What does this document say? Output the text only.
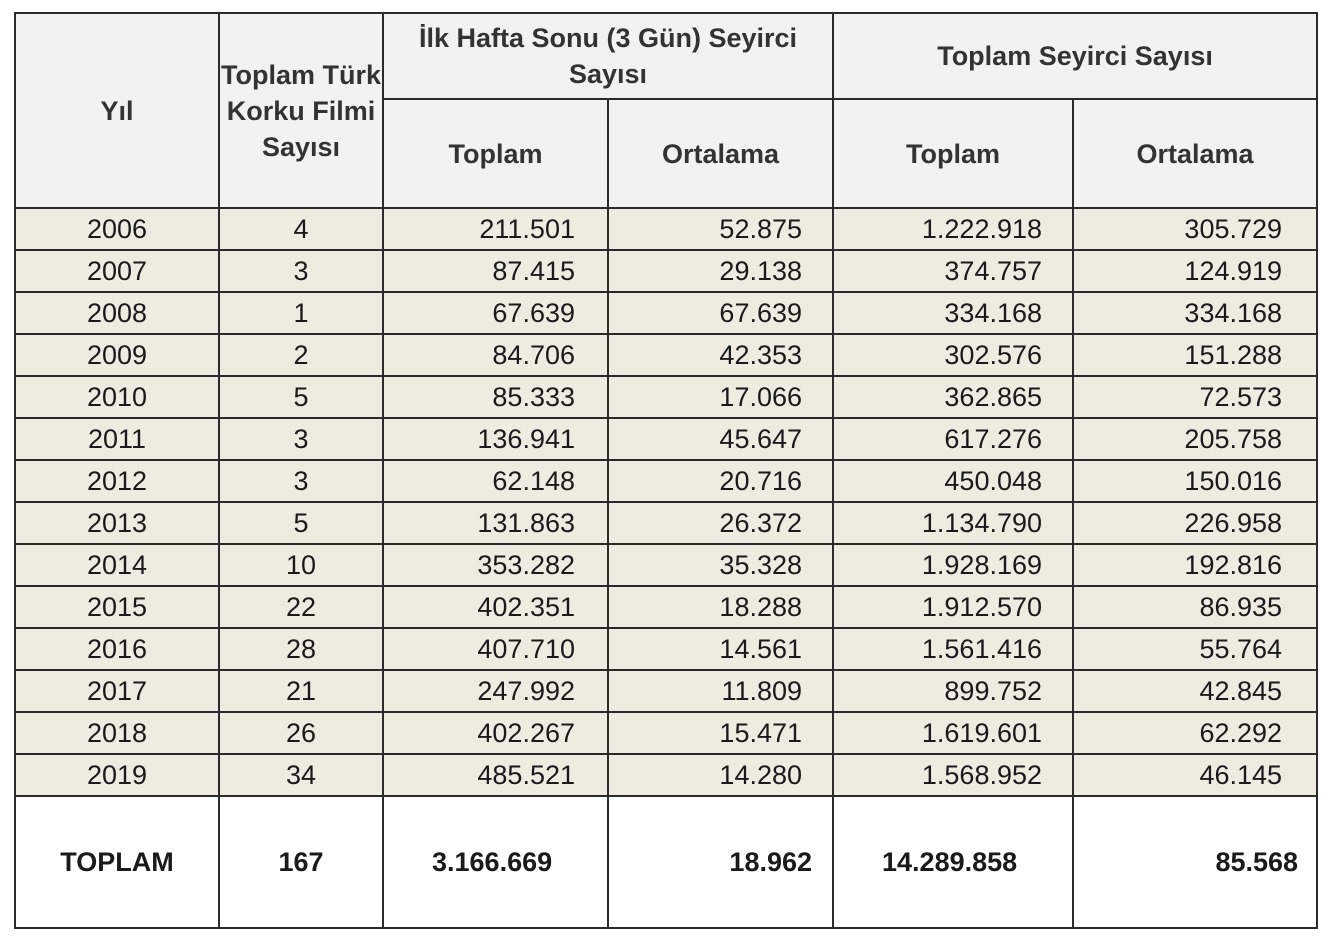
Yıl	Toplam Türk Korku Filmi Sayısı	İlk Hafta Sonu (3 Gün) Seyirci Sayısı		Toplam Seyirci Sayısı	
		Toplam	Ortalama	Toplam	Ortalama
2006	4	211.501	52.875	1.222.918	305.729
2007	3	87.415	29.138	374.757	124.919
2008	1	67.639	67.639	334.168	334.168
2009	2	84.706	42.353	302.576	151.288
2010	5	85.333	17.066	362.865	72.573
2011	3	136.941	45.647	617.276	205.758
2012	3	62.148	20.716	450.048	150.016
2013	5	131.863	26.372	1.134.790	226.958
2014	10	353.282	35.328	1.928.169	192.816
2015	22	402.351	18.288	1.912.570	86.935
2016	28	407.710	14.561	1.561.416	55.764
2017	21	247.992	11.809	899.752	42.845
2018	26	402.267	15.471	1.619.601	62.292
2019	34	485.521	14.280	1.568.952	46.145
TOPLAM	167	3.166.669	18.962	14.289.858	85.568
